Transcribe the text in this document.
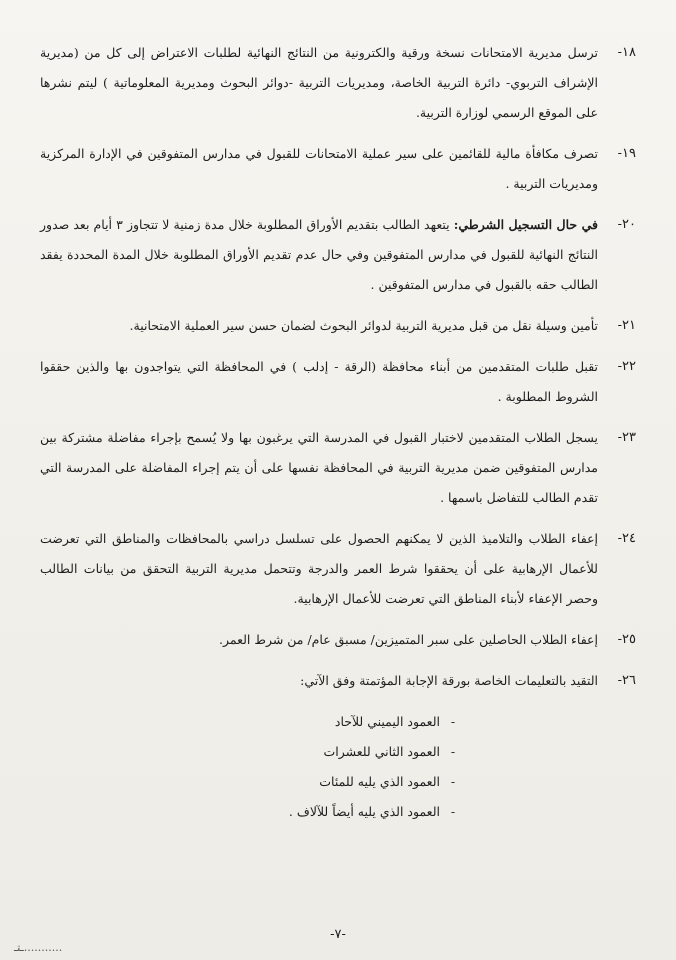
١٨-
ترسل مديرية الامتحانات نسخة ورقية والكترونية من النتائج النهائية لطلبات الاعتراض إلى كل من (مديرية الإشراف التربوي- دائرة التربية الخاصة، ومديريات التربية -دوائر البحوث ومديرية المعلوماتية ) ليتم نشرها على الموقع الرسمي لوزارة التربية.
١٩-
تصرف مكافأة مالية للقائمين على سير عملية الامتحانات للقبول في مدارس المتفوقين في الإدارة المركزية ومديريات التربية .
٢٠-
في حال التسجيل الشرطي: يتعهد الطالب بتقديم الأوراق المطلوبة خلال مدة زمنية لا تتجاوز ٣ أيام بعد صدور النتائج النهائية للقبول في مدارس المتفوقين وفي حال عدم تقديم الأوراق المطلوبة خلال المدة المحددة يفقد الطالب حقه بالقبول في مدارس المتفوقين .
٢١-
تأمين وسيلة نقل من قبل مديرية التربية لدوائر البحوث لضمان حسن سير العملية الامتحانية.
٢٢-
تقبل طلبات المتقدمين من أبناء محافظة (الرقة - إدلب ) في المحافظة التي يتواجدون بها والذين حققوا الشروط المطلوبة .
٢٣-
يسجل الطلاب المتقدمين لاختبار القبول في المدرسة التي يرغبون بها ولا يُسمح بإجراء مفاضلة مشتركة بين مدارس المتفوقين ضمن مديرية التربية في المحافظة نفسها على أن يتم إجراء المفاضلة على المدرسة التي تقدم الطالب للتفاضل باسمها .
٢٤-
إعفاء الطلاب والتلاميذ الذين لا يمكنهم الحصول على تسلسل دراسي بالمحافظات والمناطق التي تعرضت للأعمال الإرهابية على أن يحققوا شرط العمر والدرجة وتتحمل مديرية التربية التحقق من بيانات الطالب وحصر الإعفاء لأبناء المناطق التي تعرضت للأعمال الإرهابية.
٢٥-
إعفاء الطلاب الحاصلين على سبر المتميزين/ مسبق عام/ من شرط العمر.
٢٦-
التقيد بالتعليمات الخاصة بورقة الإجابة المؤتمتة وفق الآتي:
-
العمود اليميني للآحاد
-
العمود الثاني للعشرات
-
العمود الذي يليه للمئات
-
العمود الذي يليه أيضاً للآلاف .
-٧-
...........ـتـ
